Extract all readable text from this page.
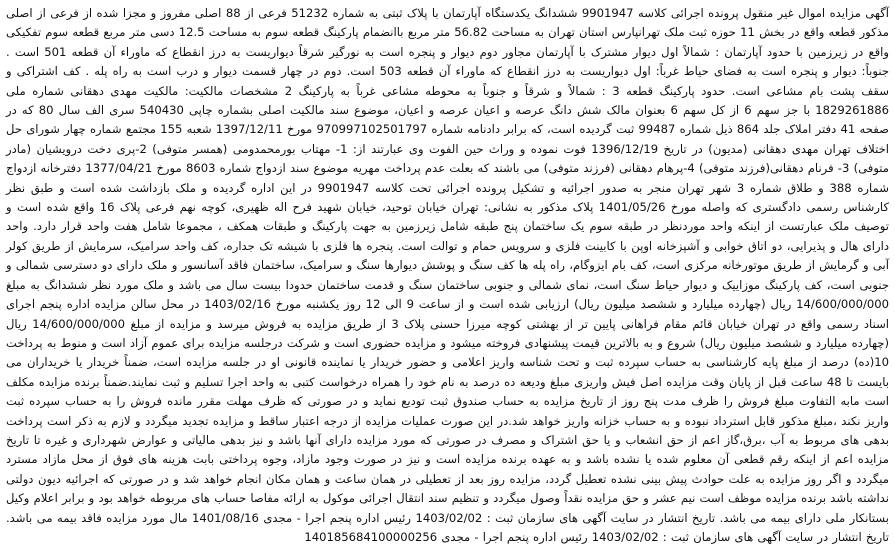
آگهی مزایده اموال غیر منقول پرونده اجرائی کلاسه 9901947 ششدانگ یکدستگاه آپارتمان با پلاک ثبتی به شماره 51232 فرعی از 88 اصلی مفروز و مجزا شده از فرعی از اصلی مذکور قطعه واقع در بخش 11 حوزه ثبت ملک تهرانپارس استان تهران به مساحت 56.82 متر مربع باانضمام پارکینگ قطعه سوم به مساحت 12.5 دسی متر مربع قطعه سوم تفکیکی واقع در زیرزمین با حدود آپارتمان : شمالاً اول دیوار مشترک با آپارتمان مجاور دوم دیوار و پنجره است به نورگیر شرقاً دیواریست به درز انقطاع که ماوراء آن قطعه 501 است . جنوباً: دیوار و پنجره است به فضای حیاط غرباً: اول دیواریست به درز انقطاع که ماوراء آن قطعه 503 است. دوم در چهار قسمت دیوار و درب است به راه پله . کف اشتراکی و سقف پشت بام مشاعی است. حدود پارکینگ قطعه 3 : شمالاً و شرقاً و جنوباً به محوطه مشاعی غرباً به پارکینگ 2 مشخصات مالکیت: مالکیت مهدی دهقانی شماره ملی 1829261886 با جز سهم 6 از کل سهم 6 بعنوان مالک شش دانگ عرصه و اعیان عرصه و اعیان، موضوع سند مالکیت اصلی بشماره چاپی 540430 سری الف سال 80 که در صفحه 41 دفتر املاک جلد 864 ذیل شماره 99487 ثبت گردیده است، که برابر دادنامه شماره 970997102501797 مورخ 1397/12/11 شعبه 155 مجتمع شماره چهار شورای حل اختلاف تهران مهدی دهقانی (مدیون) در تاریخ 1396/12/19 فوت نموده و وراث حین الفوت وی عبارتند از: 1- مهتاب بورمحمدومی (همسر متوفی) 2-پری دخت درویشیان (مادر متوفی) 3- فرنام دهقانی(فرزند متوفی) 4-پرهام دهقانی (فرزند متوفی) می باشند که بعلت عدم پرداخت مهریه موضوع سند ازدواج شماره 8603 مورخ 1377/04/21 دفترخانه ازدواج شماره 388 و طلاق شماره 3 شهر تهران منجر به صدور اجرائیه و تشکیل پرونده اجرائی تحت کلاسه 9901947 در این اداره گردیده و ملک بازداشت شده است و طبق نظر کارشناس رسمی دادگستری که واصله مورخ 1401/05/26 پلاک مذکور به نشانی: تهران خیابان توحید، خیابان شهید فرح اله ظهیری، کوچه نهم فرعی پلاک 16 واقع شده است و توصیف ملک عبارتست از اینکه واحد موردنظر در طبقه سوم یک ساختمان پنج طبقه شامل زیرزمین به جهت پارکینگ و طبقات همکف ، مجموعا شامل هفت واحد قرار دارد. واحد دارای هال و پذیرایی، دو اتاق خوابی و آشپزخانه اوپن با کابینت فلزی و سرویس حمام و توالت است. پنجره ها فلزی با شیشه تک جداره، کف واحد سرامیک، سرمایش از طریق کولر آبی و گرمایش از طریق موتورخانه مرکزی است، کف بام ایزوگام، راه پله ها کف سنگ و پوشش دیوارها سنگ و سرامیک، ساختمان فاقد آسانسور و ملک دارای دو دسترسی شمالی و جنوبی است، کف پارکینگ موزاییک و دیوار حیاط سنگ است، نمای شمالی و جنوبی ساختمان سنگ و قدمت ساختمان حدودا بیست سال می باشد و ملک مورد نظر ششدانگ به مبلغ 14/600/000/000 ریال (چهارده میلیارد و ششصد میلیون ریال) ارزیابی شده است و از ساعت 9 الی 12 روز یکشنبه مورخ 1403/02/16 در محل سالن مزایده اداره پنجم اجرای اسناد رسمی واقع در تهران خیابان قائم مقام فراهانی پایین تر از بهشتی کوچه میرزا حسنی پلاک 3 از طریق مزایده به فروش میرسد و مزایده از مبلغ 14/600/000/000 ریال (چهارده میلیارد و ششصد میلیون ریال) شروع و به بالاترین قیمت پیشنهادی فروخته میشود و مزایده حضوری است و شرکت درجلسه مزایده برای عموم آزاد است و منوط به پرداخت 10(ده) درصد از مبلغ پایه کارشناسی به حساب سپرده ثبت و تحت شناسه واریز اعلامی و حضور خریدار یا نماینده قانونی او در جلسه مزایده است، ضمناً خریدار یا خریداران می بایست تا 48 ساعت قبل از پایان وقت مزایده اصل فیش واریزی مبلغ ودیعه ده درصد به نام خود را همراه درخواست کتبی به واحد اجرا تسلیم و ثبت نمایند.ضمناً برنده مزایده مکلف است مابه التفاوت مبلغ فروش را ظرف مدت پنج روز از تاریخ مزایده به حساب صندوق ثبت تودیع نماید و در صورتی که ظرف مهلت مقرر مانده فروش را به حساب سپرده ثبت واریز نکند ،مبلغ مذکور قابل استرداد نبوده و به حساب خزانه واریز خواهد شد.در این صورت عملیات مزایده از درجه اعتبار ساقط و مزایده تجدید میگردد و لازم به ذکر است پرداخت بدهی های مربوط به آب ،برق،گاز اعم از حق انشعاب و یا حق اشتراک و مصرف در صورتی که مورد مزایده دارای آنها باشد و نیز بدهی مالیاتی و عوارض شهرداری و غیره تا تاریخ مزایده اعم از اینکه رقم قطعی آن معلوم شده یا نشده باشد و به عهده برنده مزایده است و نیز در صورت وجود مازاد، وجوه پرداختی بابت هزینه های فوق از محل مازاد مسترد میگردد و اگر روز مزایده به علت حوادث پیش بینی نشده تعطیل گردد، مزایده روز بعد از تعطیلی در همان ساعت و همان مکان انجام خواهد شد و در صورتی که اجرائیه دیون دولتی نداشته باشد برنده مزایده موظف است نیم عشر و حق مزایده نقداً وصول میگردد و تنظیم سند انتقال اجرائی موکول به ارائه مفاصا حساب های مربوطه خواهد بود و برابر اعلام وکیل بستانکار ملی دارای بیمه می باشد. تاریخ انتشار در سایت آگهی های سازمان ثبت : 1403/02/02 رئیس اداره پنجم اجرا - مجدی 1401/08/16 مال مورد مزایده فاقد بیمه می باشد. تاریخ انتشار در سایت آگهی های سازمان ثبت : 1403/02/02 رئیس اداره پنجم اجرا - مجدی 140185684100000256
